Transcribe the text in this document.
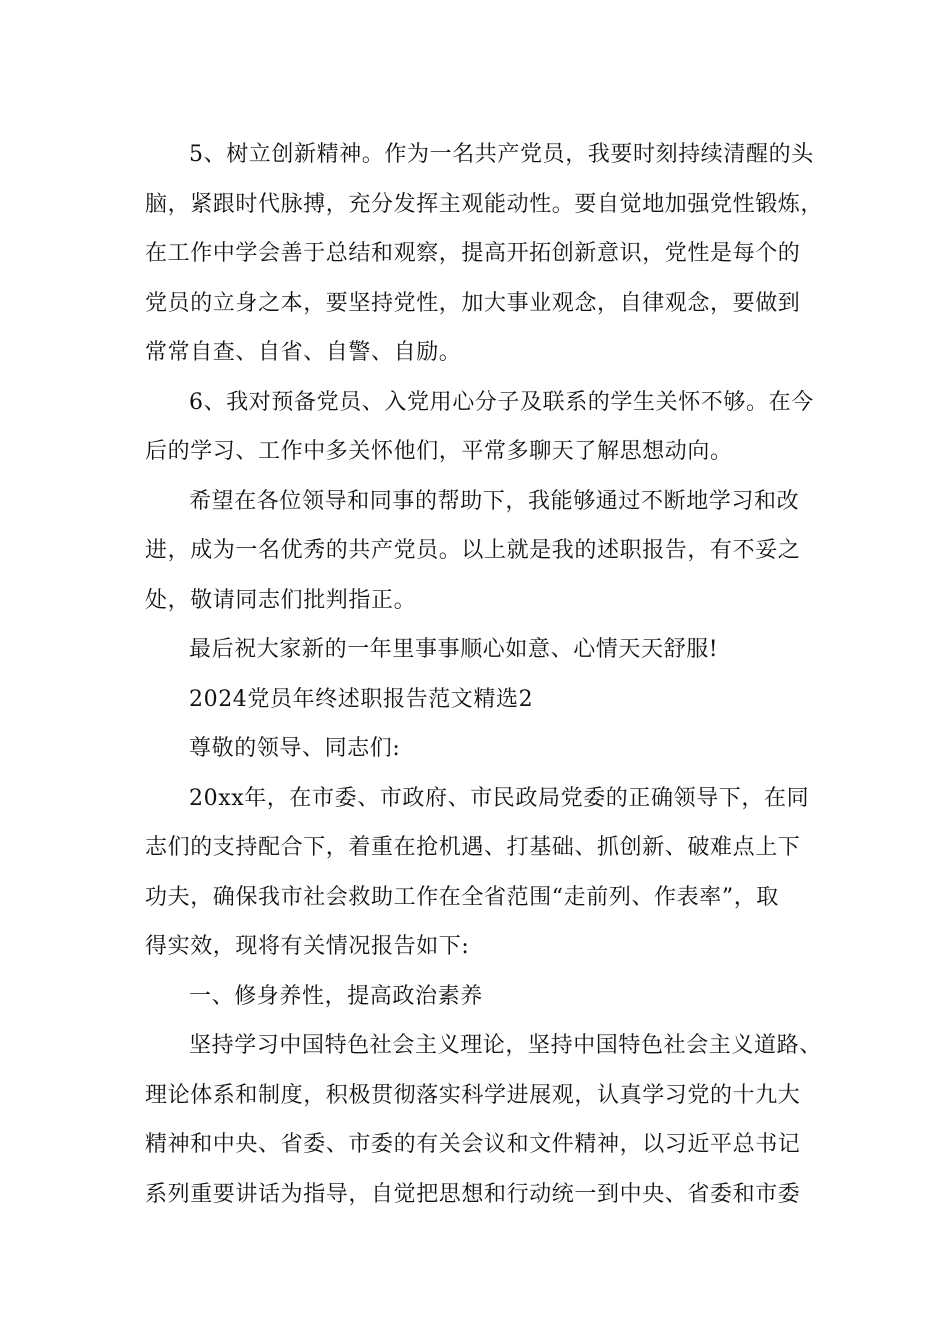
5、树立创新精神。作为一名共产党员，我要时刻持续清醒的头
脑，紧跟时代脉搏，充分发挥主观能动性。要自觉地加强党性锻炼，
在工作中学会善于总结和观察，提高开拓创新意识，党性是每个的
党员的立身之本，要坚持党性，加大事业观念，自律观念，要做到
常常自查、自省、自警、自励。
6、我对预备党员、入党用心分子及联系的学生关怀不够。在今
后的学习、工作中多关怀他们，平常多聊天了解思想动向。
希望在各位领导和同事的帮助下，我能够通过不断地学习和改
进，成为一名优秀的共产党员。以上就是我的述职报告，有不妥之
处，敬请同志们批判指正。
最后祝大家新的一年里事事顺心如意、心情天天舒服!
2024党员年终述职报告范文精选2
尊敬的领导、同志们:
20xx年，在市委、市政府、市民政局党委的正确领导下，在同
志们的支持配合下，着重在抢机遇、打基础、抓创新、破难点上下
功夫，确保我市社会救助工作在全省范围“走前列、作表率”，取
得实效，现将有关情况报告如下:
一、修身养性，提高政治素养
坚持学习中国特色社会主义理论，坚持中国特色社会主义道路、
理论体系和制度，积极贯彻落实科学进展观，认真学习党的十九大
精神和中央、省委、市委的有关会议和文件精神，以习近平总书记
系列重要讲话为指导，自觉把思想和行动统一到中央、省委和市委
